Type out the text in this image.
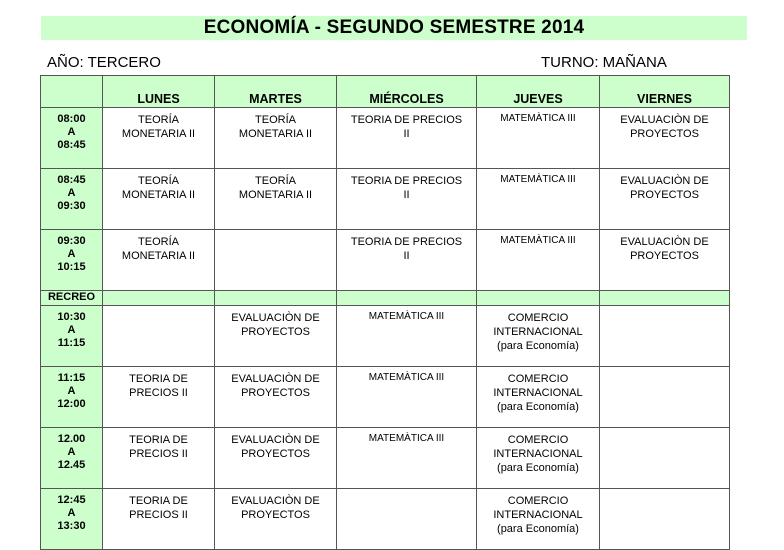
ECONOMÍA - SEGUNDO SEMESTRE 2014
AÑO: TERCERO	TURNO: MAÑANA
	LUNES	MARTES	MIÉRCOLES	JUEVES	VIERNES

08:00
A
08:45	TEORÍA
MONETARIA II	TEORÍA
MONETARIA II	TEORIA DE PRECIOS
II	MATEMÀTICA III	EVALUACIÒN DE
PROYECTOS

08:45
A
09:30	TEORÍA
MONETARIA II	TEORÍA
MONETARIA II	TEORIA DE PRECIOS
II	MATEMÀTICA III	EVALUACIÒN DE
PROYECTOS

09:30
A
10:15	TEORÍA
MONETARIA II		TEORIA DE PRECIOS
II	MATEMÀTICA III	EVALUACIÒN DE
PROYECTOS

RECREO					

10:30
A
11:15		EVALUACIÒN DE
PROYECTOS	MATEMÀTICA III	COMERCIO
INTERNACIONAL
(para Economía)	

11:15
A
12:00	TEORIA DE
PRECIOS II	EVALUACIÒN DE
PROYECTOS	MATEMÀTICA III	COMERCIO
INTERNACIONAL
(para Economía)	

12.00
A
12.45	TEORIA DE
PRECIOS II	EVALUACIÒN DE
PROYECTOS	MATEMÀTICA III	COMERCIO
INTERNACIONAL
(para Economía)	

12:45
A
13:30	TEORIA DE
PRECIOS II	EVALUACIÒN DE
PROYECTOS		COMERCIO
INTERNACIONAL
(para Economía)	
